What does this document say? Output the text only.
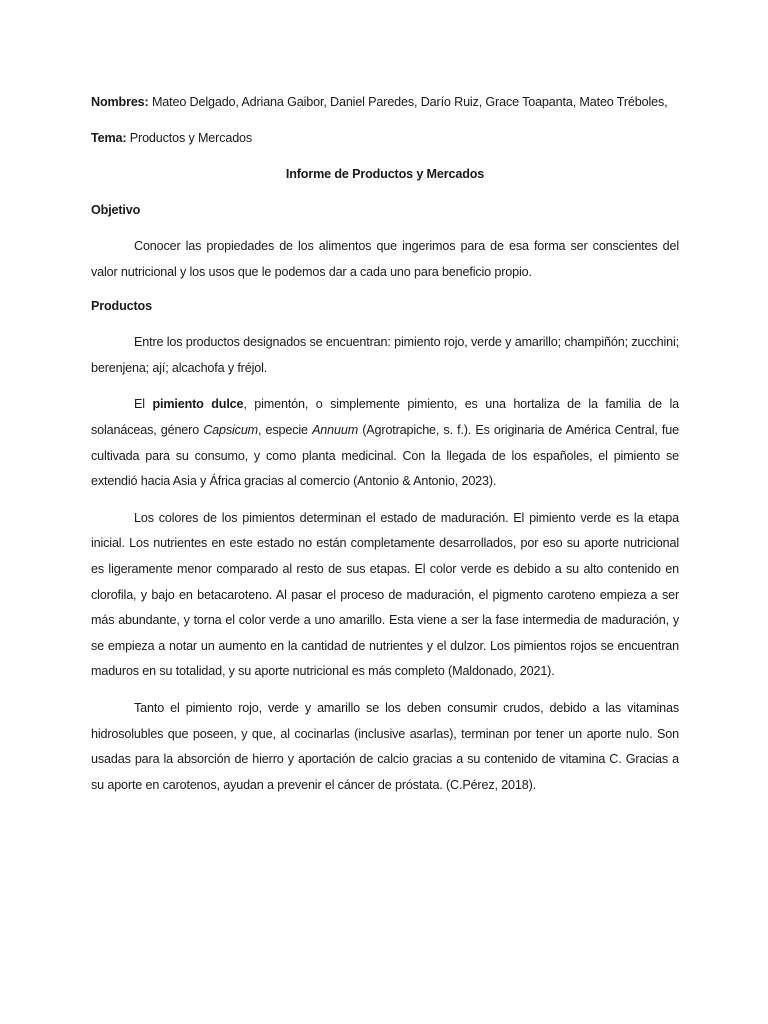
Nombres: Mateo Delgado, Adriana Gaibor, Daniel Paredes, Darío Ruiz, Grace Toapanta, Mateo Tréboles,

Tema: Productos y Mercados

Informe de Productos y Mercados

Objetivo

Conocer las propiedades de los alimentos que ingerimos para de esa forma ser conscientes del valor nutricional y los usos que le podemos dar a cada uno para beneficio propio.

Productos

Entre los productos designados se encuentran: pimiento rojo, verde y amarillo; champiñón; zucchini; berenjena; ají; alcachofa y fréjol.

El pimiento dulce, pimentón, o simplemente pimiento, es una hortaliza de la familia de la solanáceas, género Capsicum, especie Annuum (Agrotrapiche, s. f.). Es originaria de América Central, fue cultivada para su consumo, y como planta medicinal. Con la llegada de los españoles, el pimiento se extendió hacia Asia y África gracias al comercio (Antonio & Antonio, 2023).

Los colores de los pimientos determinan el estado de maduración. El pimiento verde es la etapa inicial. Los nutrientes en este estado no están completamente desarrollados, por eso su aporte nutricional es ligeramente menor comparado al resto de sus etapas. El color verde es debido a su alto contenido en clorofila, y bajo en betacaroteno. Al pasar el proceso de maduración, el pigmento caroteno empieza a ser más abundante, y torna el color verde a uno amarillo. Esta viene a ser la fase intermedia de maduración, y se empieza a notar un aumento en la cantidad de nutrientes y el dulzor. Los pimientos rojos se encuentran maduros en su totalidad, y su aporte nutricional es más completo (Maldonado, 2021).

Tanto el pimiento rojo, verde y amarillo se los deben consumir crudos, debido a las vitaminas hidrosolubles que poseen, y que, al cocinarlas (inclusive asarlas), terminan por tener un aporte nulo. Son usadas para la absorción de hierro y aportación de calcio gracias a su contenido de vitamina C. Gracias a su aporte en carotenos, ayudan a prevenir el cáncer de próstata. (C.Pérez, 2018).
